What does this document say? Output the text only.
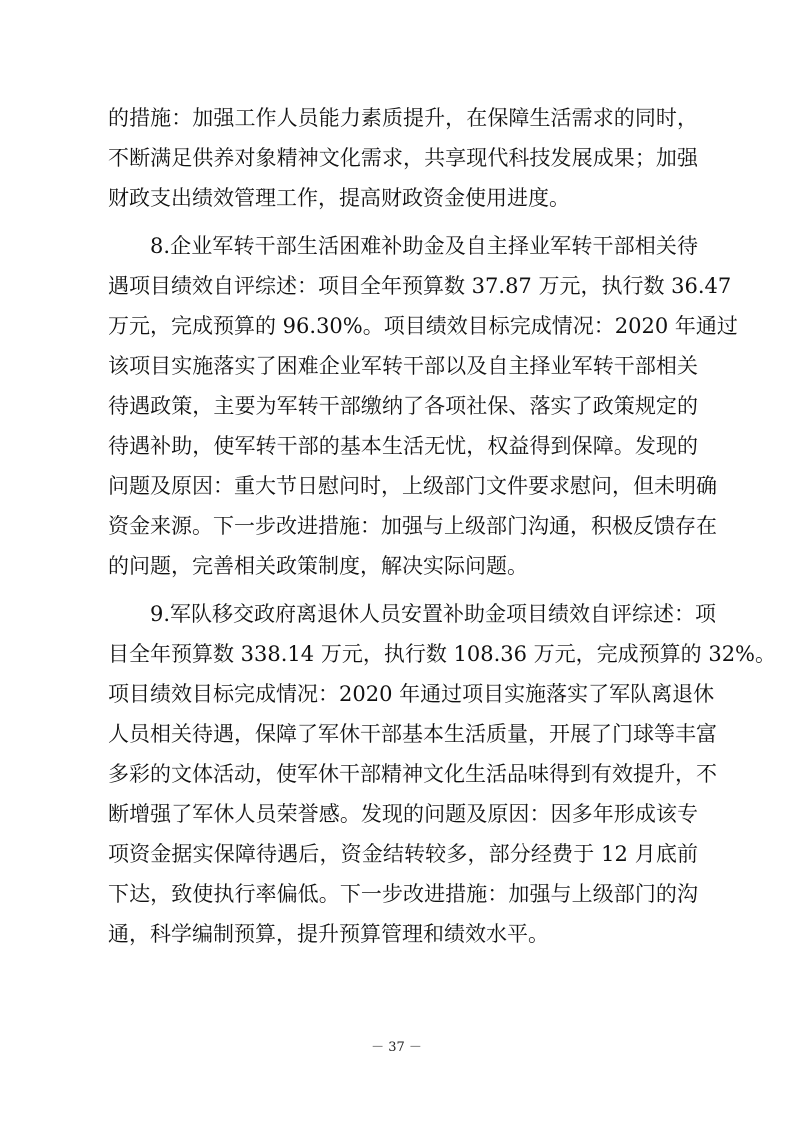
的措施：加强工作人员能力素质提升，在保障生活需求的同时，
不断满足供养对象精神文化需求，共享现代科技发展成果；加强
财政支出绩效管理工作，提高财政资金使用进度。
8.企业军转干部生活困难补助金及自主择业军转干部相关待
遇项目绩效自评综述：项目全年预算数 37.87 万元，执行数 36.47
万元，完成预算的 96.30%。项目绩效目标完成情况：2020 年通过
该项目实施落实了困难企业军转干部以及自主择业军转干部相关
待遇政策，主要为军转干部缴纳了各项社保、落实了政策规定的
待遇补助，使军转干部的基本生活无忧，权益得到保障。发现的
问题及原因：重大节日慰问时，上级部门文件要求慰问，但未明确
资金来源。下一步改进措施：加强与上级部门沟通，积极反馈存在
的问题，完善相关政策制度，解决实际问题。
9.军队移交政府离退休人员安置补助金项目绩效自评综述：项
目全年预算数 338.14 万元，执行数 108.36 万元，完成预算的 32%。
项目绩效目标完成情况：2020 年通过项目实施落实了军队离退休
人员相关待遇，保障了军休干部基本生活质量，开展了门球等丰富
多彩的文体活动，使军休干部精神文化生活品味得到有效提升，不
断增强了军休人员荣誉感。发现的问题及原因：因多年形成该专
项资金据实保障待遇后，资金结转较多，部分经费于 12 月底前
下达，致使执行率偏低。下一步改进措施：加强与上级部门的沟
通，科学编制预算，提升预算管理和绩效水平。
－ 37 －
